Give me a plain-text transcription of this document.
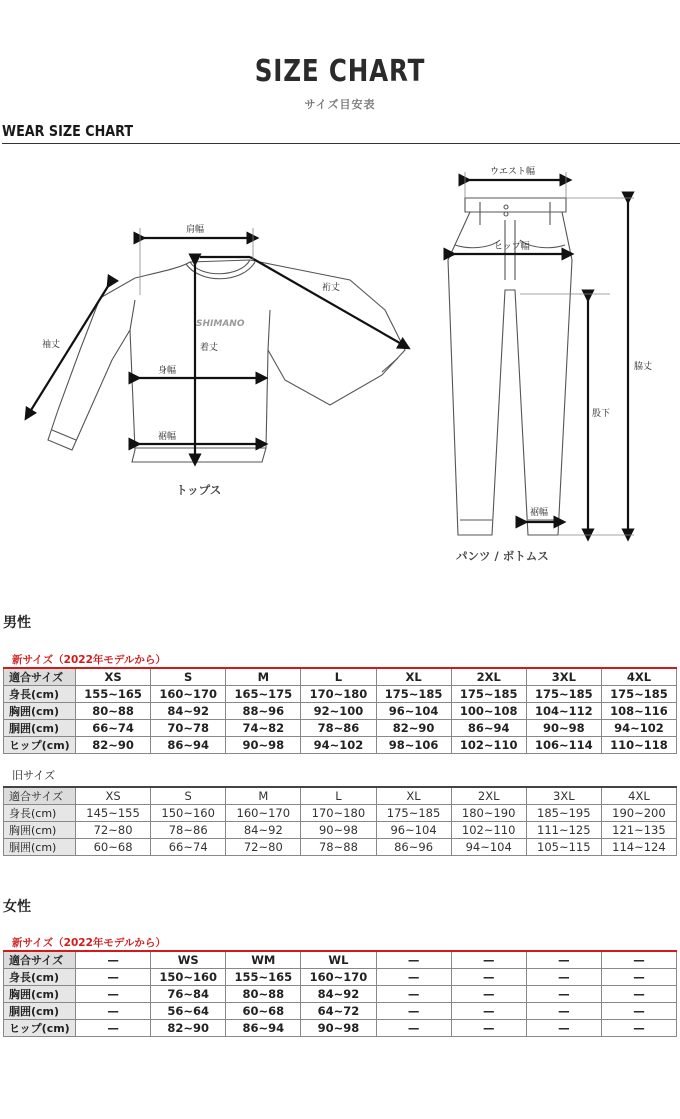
SIZE CHART
サイズ目安表
WEAR SIZE CHART
SHIMANO
肩幅
裄丈
袖丈	着丈
身幅
裾幅
トップス
ウエスト幅
ヒップ幅
脇丈
股下
裾幅
パンツ / ボトムス
男性
新サイズ（2022年モデルから）
適合サイズ	XS	S	M	L	XL	2XL	3XL	4XL
身長(cm)	155~165	160~170	165~175	170~180	175~185	175~185	175~185	175~185
胸囲(cm)	80~88	84~92	88~96	92~100	96~104	100~108	104~112	108~116
胴囲(cm)	66~74	70~78	74~82	78~86	82~90	86~94	90~98	94~102
ヒップ(cm)	82~90	86~94	90~98	94~102	98~106	102~110	106~114	110~118
旧サイズ
適合サイズ	XS	S	M	L	XL	2XL	3XL	4XL
身長(cm)	145~155	150~160	160~170	170~180	175~185	180~190	185~195	190~200
胸囲(cm)	72~80	78~86	84~92	90~98	96~104	102~110	111~125	121~135
胴囲(cm)	60~68	66~74	72~80	78~88	86~96	94~104	105~115	114~124
女性
新サイズ（2022年モデルから）
適合サイズ	—	WS	WM	WL	—	—	—	—
身長(cm)	—	150~160	155~165	160~170	—	—	—	—
胸囲(cm)	—	76~84	80~88	84~92	—	—	—	—
胴囲(cm)	—	56~64	60~68	64~72	—	—	—	—
ヒップ(cm)	—	82~90	86~94	90~98	—	—	—	—
